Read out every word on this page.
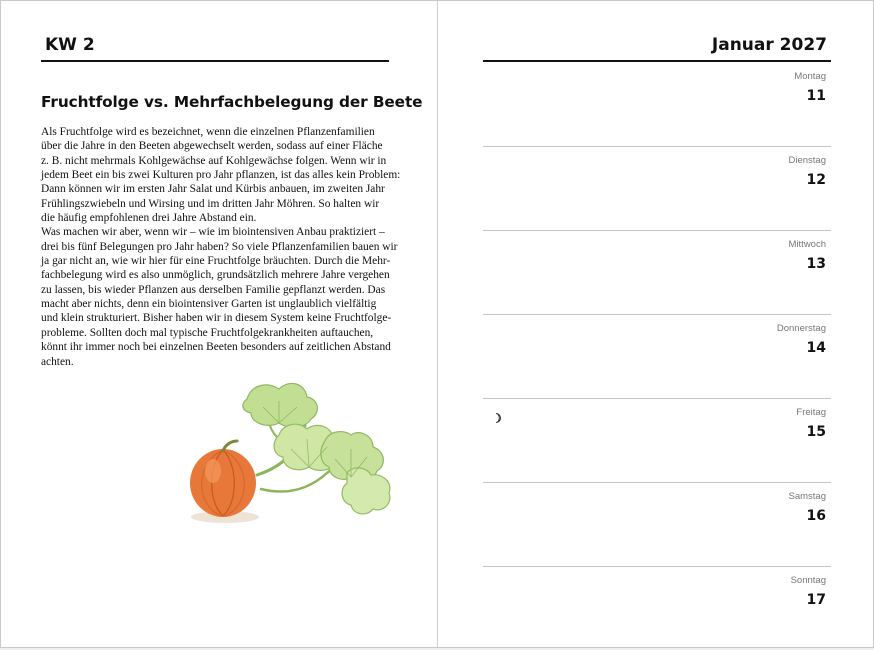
KW 2
Fruchtfolge vs. Mehrfachbelegung der Beete

Als Fruchtfolge wird es bezeichnet, wenn die einzelnen Pflanzenfamilien
über die Jahre in den Beeten abgewechselt werden, sodass auf einer Fläche
z. B. nicht mehrmals Kohlgewächse auf Kohlgewächse folgen. Wenn wir in
jedem Beet ein bis zwei Kulturen pro Jahr pflanzen, ist das alles kein Problem:
Dann können wir im ersten Jahr Salat und Kürbis anbauen, im zweiten Jahr
Frühlingszwiebeln und Wirsing und im dritten Jahr Möhren. So halten wir
die häufig empfohlenen drei Jahre Abstand ein.

Was machen wir aber, wenn wir – wie im biointensiven Anbau praktiziert –
drei bis fünf Belegungen pro Jahr haben? So viele Pflanzenfamilien bauen wir
ja gar nicht an, wie wir hier für eine Fruchtfolge bräuchten. Durch die Mehr-
fachbelegung wird es also unmöglich, grundsätzlich mehrere Jahre vergehen
zu lassen, bis wieder Pflanzen aus derselben Familie gepflanzt werden. Das
macht aber nichts, denn ein biointensiver Garten ist unglaublich vielfältig
und klein strukturiert. Bisher haben wir in diesem System keine Fruchtfolge-
probleme. Sollten doch mal typische Fruchtfolgekrankheiten auftauchen,
könnt ihr immer noch bei einzelnen Beeten besonders auf zeitlichen Abstand
achten.

Januar 2027
Montag
11
Dienstag
12
Mittwoch
13
Donnerstag
14
Freitag
15
Samstag
16
Sonntag
17
